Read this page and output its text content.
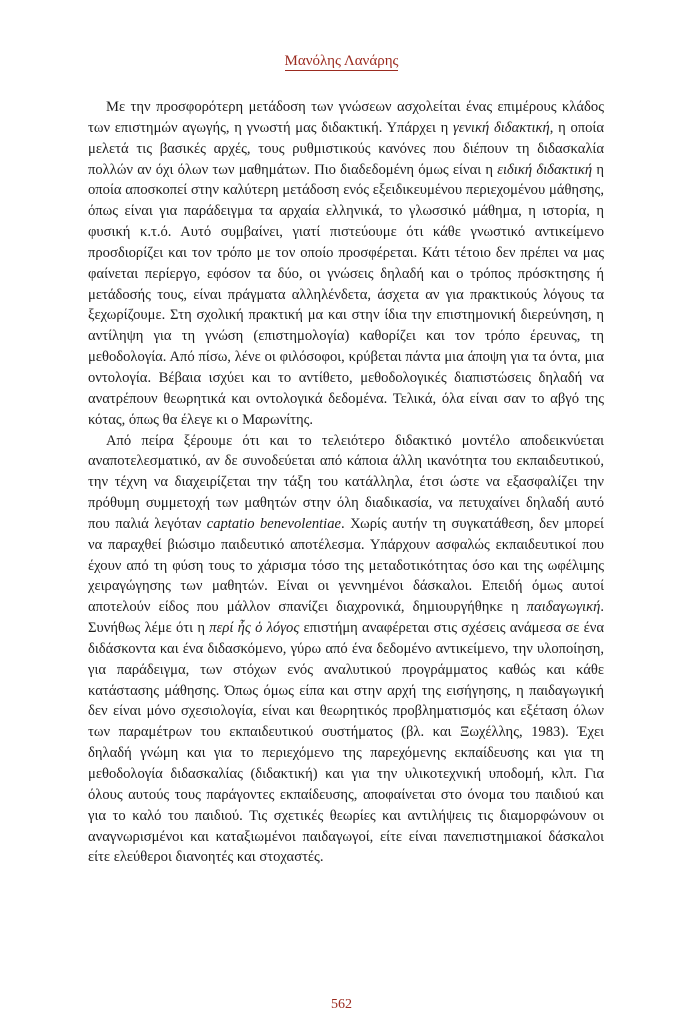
Μανόλης Λανάρης

Με την προσφορότερη μετάδοση των γνώσεων ασχολείται ένας επιμέρους κλάδος των επιστημών αγωγής, η γνωστή μας διδακτική. Υπάρχει η γενική διδακτική, η οποία μελετά τις βασικές αρχές, τους ρυθμιστικούς κανόνες που διέπουν τη διδασκαλία πολλών αν όχι όλων των μαθημάτων. Πιο διαδεδομένη όμως είναι η ειδική διδακτική η οποία αποσκοπεί στην καλύτερη μετάδοση ενός εξειδικευμένου περιεχομένου μάθησης, όπως είναι για παράδειγμα τα αρχαία ελληνικά, το γλωσσικό μάθημα, η ιστορία, η φυσική κ.τ.ό. Αυτό συμβαίνει, γιατί πιστεύουμε ότι κάθε γνωστικό αντικείμενο προσδιορίζει και τον τρόπο με τον οποίο προσφέρεται. Κάτι τέτοιο δεν πρέπει να μας φαίνεται περίεργο, εφόσον τα δύο, οι γνώσεις δηλαδή και ο τρόπος πρόσκτησης ή μετάδοσής τους, είναι πράγματα αλληλένδετα, άσχετα αν για πρακτικούς λόγους τα ξεχωρίζουμε. Στη σχολική πρακτική μα και στην ίδια την επιστημονική διερεύνηση, η αντίληψη για τη γνώση (επιστημολογία) καθορίζει και τον τρόπο έρευνας, τη μεθοδολογία. Από πίσω, λένε οι φιλόσοφοι, κρύβεται πάντα μια άποψη για τα όντα, μια οντολογία. Βέβαια ισχύει και το αντίθετο, μεθοδολογικές διαπιστώσεις δηλαδή να ανατρέπουν θεωρητικά και οντολογικά δεδομένα. Τελικά, όλα είναι σαν το αβγό της κότας, όπως θα έλεγε κι ο Μαρωνίτης.

Από πείρα ξέρουμε ότι και το τελειότερο διδακτικό μοντέλο αποδεικνύεται αναποτελεσματικό, αν δε συνοδεύεται από κάποια άλλη ικανότητα του εκπαιδευτικού, την τέχνη να διαχειρίζεται την τάξη του κατάλληλα, έτσι ώστε να εξασφαλίζει την πρόθυμη συμμετοχή των μαθητών στην όλη διαδικασία, να πετυχαίνει δηλαδή αυτό που παλιά λεγόταν captatio benevolentiae. Χωρίς αυτήν τη συγκατάθεση, δεν μπορεί να παραχθεί βιώσιμο παιδευτικό αποτέλεσμα. Υπάρχουν ασφαλώς εκπαιδευτικοί που έχουν από τη φύση τους το χάρισμα τόσο της μεταδοτικότητας όσο και της ωφέλιμης χειραγώγησης των μαθητών. Είναι οι γεννημένοι δάσκαλοι. Επειδή όμως αυτοί αποτελούν είδος που μάλλον σπανίζει διαχρονικά, δημιουργήθηκε η παιδαγωγική. Συνήθως λέμε ότι η περί ἧς ὁ λόγος επιστήμη αναφέρεται στις σχέσεις ανάμεσα σε ένα διδάσκοντα και ένα διδασκόμενο, γύρω από ένα δεδομένο αντικείμενο, την υλοποίηση, για παράδειγμα, των στόχων ενός αναλυτικού προγράμματος καθώς και κάθε κατάστασης μάθησης. Όπως όμως είπα και στην αρχή της εισήγησης, η παιδαγωγική δεν είναι μόνο σχεσιολογία, είναι και θεωρητικός προβληματισμός και εξέταση όλων των παραμέτρων του εκπαιδευτικού συστήματος (βλ. και Ξωχέλλης, 1983). Έχει δηλαδή γνώμη και για το περιεχόμενο της παρεχόμενης εκπαίδευσης και για τη μεθοδολογία διδασκαλίας (διδακτική) και για την υλικοτεχνική υποδομή, κλπ. Για όλους αυτούς τους παράγοντες εκπαίδευσης, αποφαίνεται στο όνομα του παιδιού και για το καλό του παιδιού. Τις σχετικές θεωρίες και αντιλήψεις τις διαμορφώνουν οι αναγνωρισμένοι και καταξιωμένοι παιδαγωγοί, είτε είναι πανεπιστημιακοί δάσκαλοι είτε ελεύθεροι διανοητές και στοχαστές.

562
